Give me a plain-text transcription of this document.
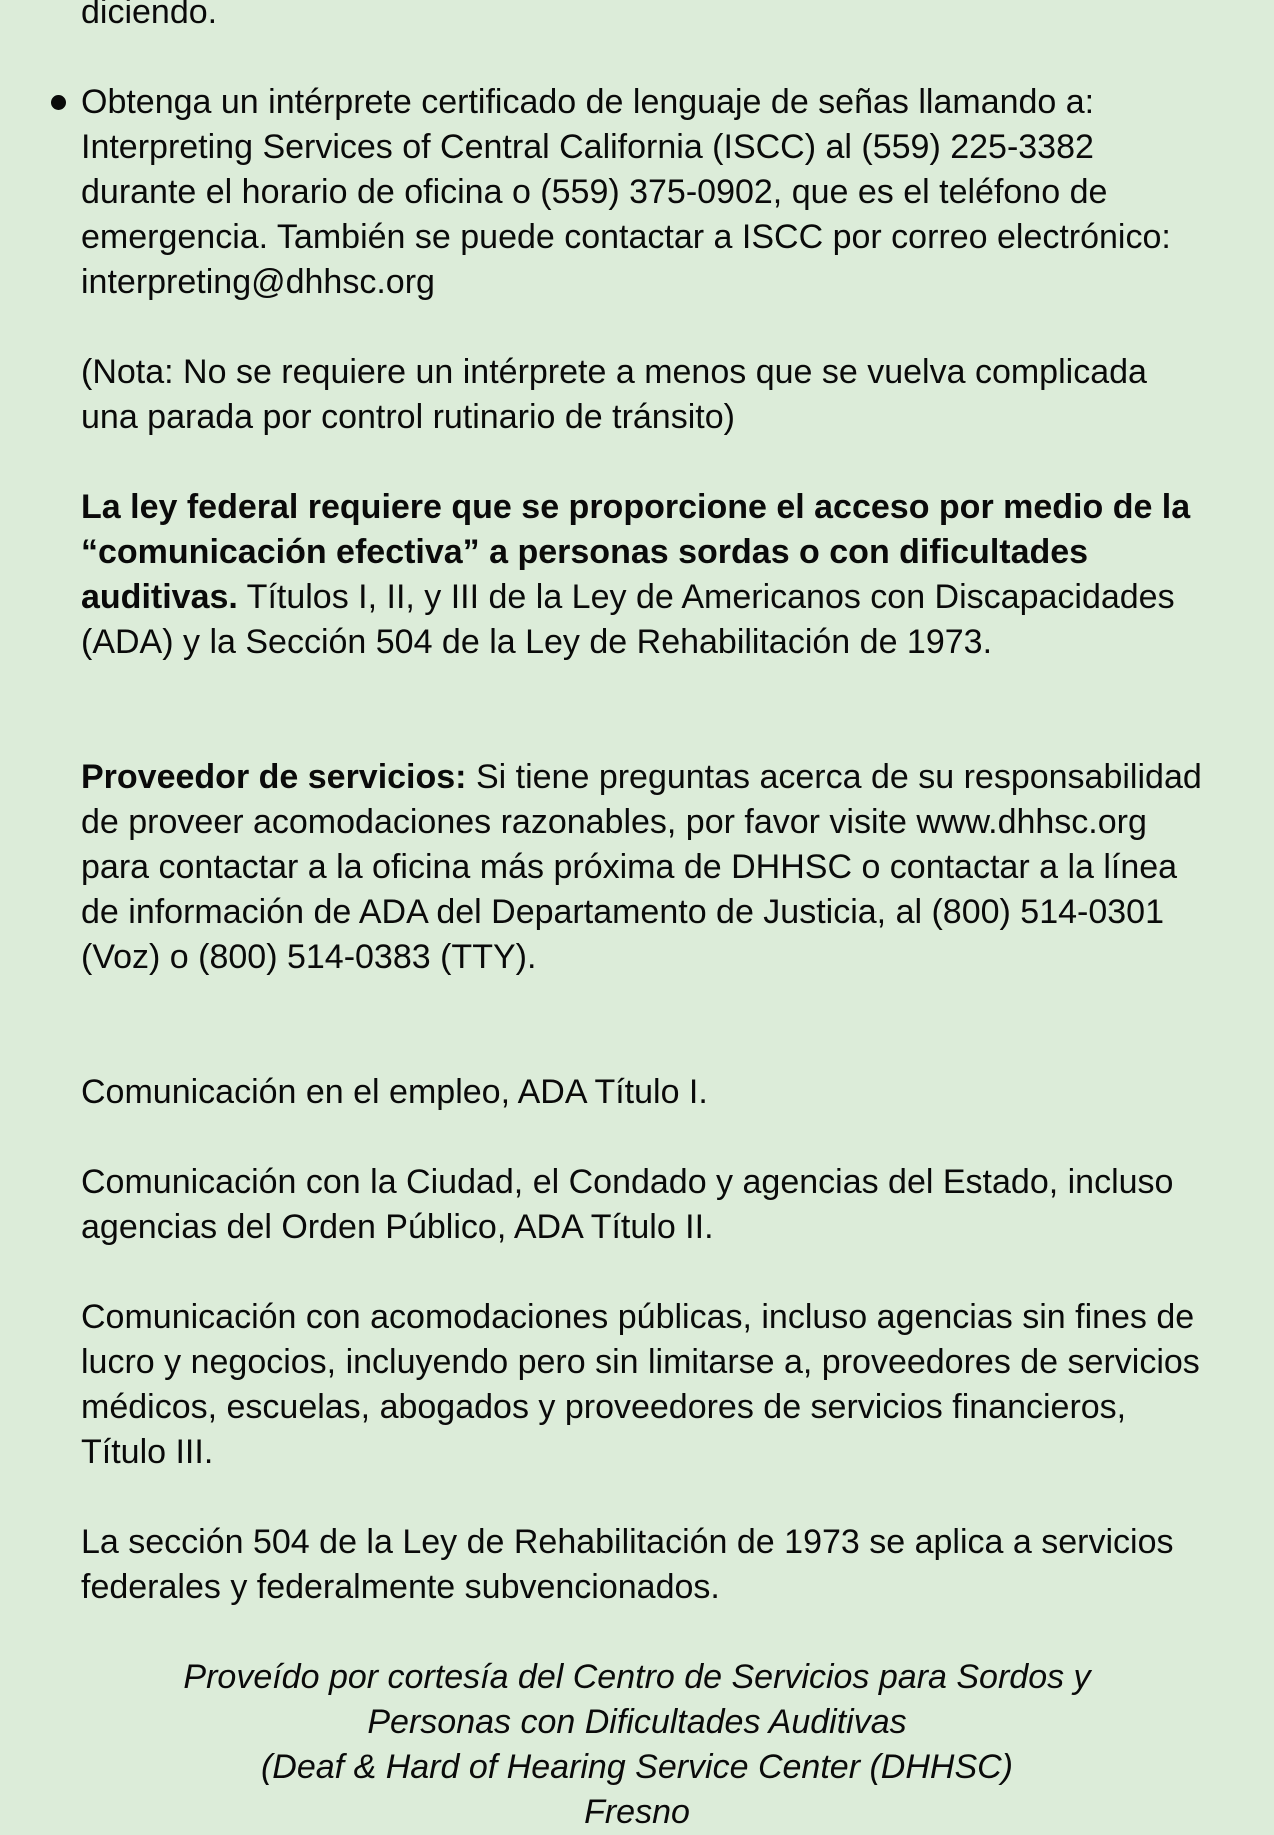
diciendo.
Obtenga un intérprete certificado de lenguaje de señas llamando a: Interpreting Services of Central California (ISCC) al (559) 225-3382 durante el horario de oficina o (559) 375-0902, que es el teléfono de emergencia. También se puede contactar a ISCC por correo electrónico: interpreting@dhhsc.org
(Nota: No se requiere un intérprete a menos que se vuelva complicada una parada por control rutinario de tránsito)
La ley federal requiere que se proporcione el acceso por medio de la “comunicación efectiva” a personas sordas o con dificultades auditivas. Títulos I, II, y III de la Ley de Americanos con Discapacidades (ADA) y la Sección 504 de la Ley de Rehabilitación de 1973.
Proveedor de servicios: Si tiene preguntas acerca de su responsabilidad de proveer acomodaciones razonables, por favor visite www.dhhsc.org para contactar a la oficina más próxima de DHHSC o contactar a la línea de información de ADA del Departamento de Justicia, al (800) 514-0301 (Voz) o (800) 514-0383 (TTY).
Comunicación en el empleo, ADA Título I.
Comunicación con la Ciudad, el Condado y agencias del Estado, incluso agencias del Orden Público, ADA Título II.
Comunicación con acomodaciones públicas, incluso agencias sin fines de lucro y negocios, incluyendo pero sin limitarse a, proveedores de servicios médicos, escuelas, abogados y proveedores de servicios financieros, Título III.
La sección 504 de la Ley de Rehabilitación de 1973 se aplica a servicios federales y federalmente subvencionados.
Proveído por cortesía del Centro de Servicios para Sordos y
Personas con Dificultades Auditivas
(Deaf & Hard of Hearing Service Center (DHHSC)
Fresno
